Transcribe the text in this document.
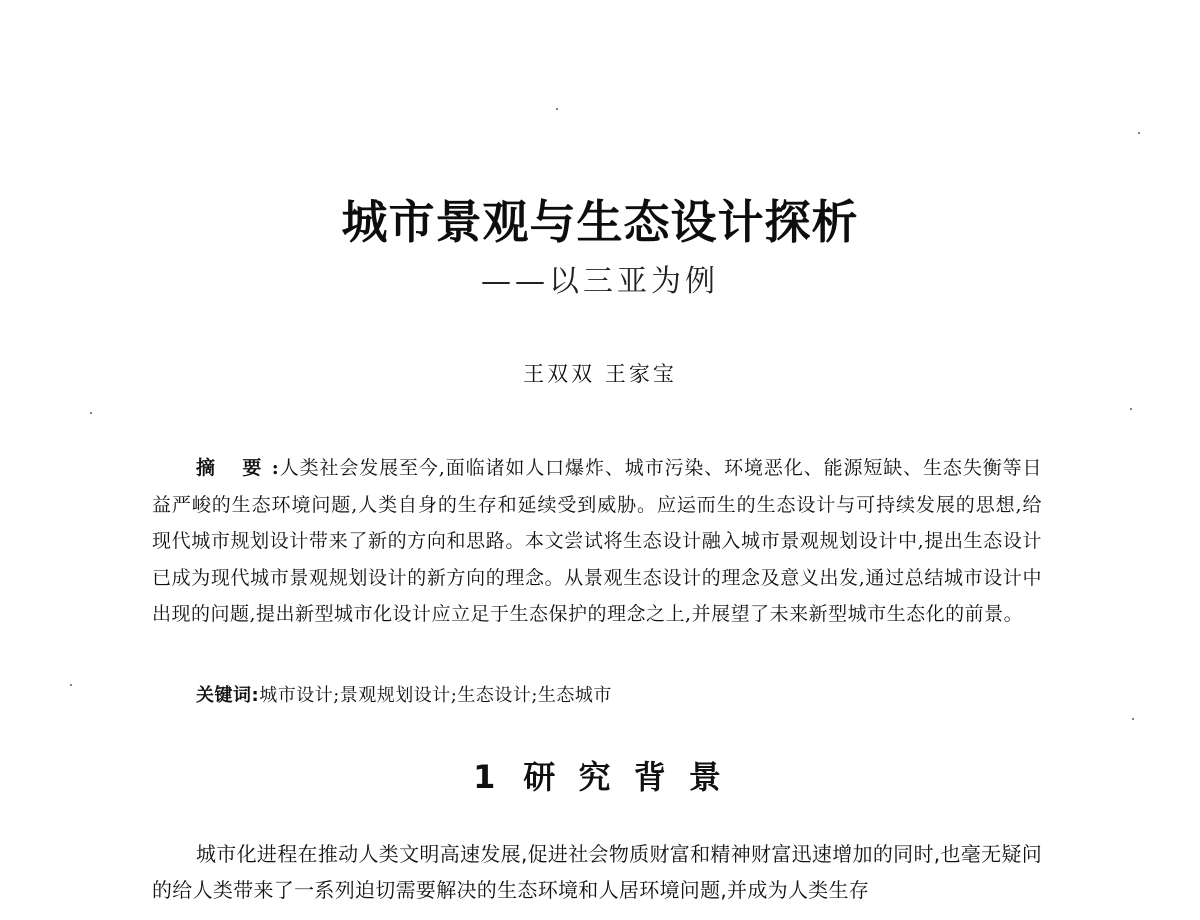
城市景观与生态设计探析
——以三亚为例
王双双 王家宝
摘 要:人类社会发展至今,面临诸如人口爆炸、城市污染、环境恶化、能源短缺、生态失衡等日益严峻的生态环境问题,人类自身的生存和延续受到威胁。应运而生的生态设计与可持续发展的思想,给现代城市规划设计带来了新的方向和思路。本文尝试将生态设计融入城市景观规划设计中,提出生态设计已成为现代城市景观规划设计的新方向的理念。从景观生态设计的理念及意义出发,通过总结城市设计中出现的问题,提出新型城市化设计应立足于生态保护的理念之上,并展望了未来新型城市生态化的前景。
关键词:城市设计;景观规划设计;生态设计;生态城市
1 研 究 背 景
城市化进程在推动人类文明高速发展,促进社会物质财富和精神财富迅速增加的同时,也毫无疑问的给人类带来了一系列迫切需要解决的生态环境和人居环境问题,并成为人类生存
